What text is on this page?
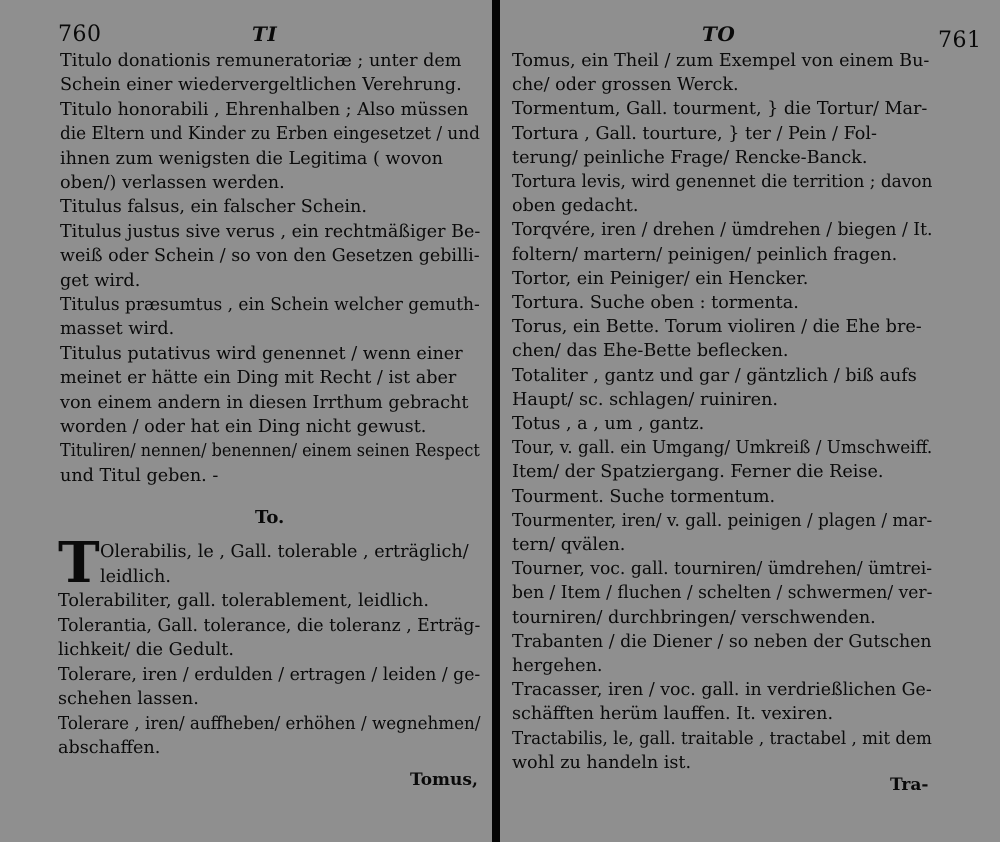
760	TI
Titulo donationis remuneratoriæ ; unter dem
Schein einer wiedervergeltlichen Verehrung.
Titulo honorabili , Ehrenhalben ; Also müssen
die Eltern und Kinder zu Erben eingesetzet / und
ihnen zum wenigsten die Legitima ( wovon
oben/) verlassen werden.
Titulus falsus, ein falscher Schein.
Titulus justus sive verus , ein rechtmäßiger Be-
weiß oder Schein / so von den Gesetzen gebilli-
get wird.
Titulus præsumtus , ein Schein welcher gemuth-
masset wird.
Titulus putativus wird genennet / wenn einer
meinet er hätte ein Ding mit Recht / ist aber
von einem andern in diesen Irrthum gebracht
worden / oder hat ein Ding nicht gewust.
Tituliren/ nennen/ benennen/ einem seinen Respect
und Titul geben. -
To.
T Olerabilis, le , Gall. tolerable , erträglich/
leidlich.
Tolerabiliter, gall. tolerablement, leidlich.
Tolerantia, Gall. tolerance, die toleranz , Erträg-
lichkeit/ die Gedult.
Tolerare, iren / erdulden / ertragen / leiden / ge-
schehen lassen.
Tolerare , iren/ auffheben/ erhöhen / wegnehmen/
abschaffen.
Tomus,
TO	761
Tomus, ein Theil / zum Exempel von einem Bu-
che/ oder grossen Werck.
Tormentum, Gall. tourment, } die Tortur/ Mar-
Tortura , Gall. tourture, } ter / Pein / Fol-
terung/ peinliche Frage/ Rencke-Banck.
Tortura levis, wird genennet die territion ; davon
oben gedacht.
Torqvére, iren / drehen / ümdrehen / biegen / It.
foltern/ martern/ peinigen/ peinlich fragen.
Tortor, ein Peiniger/ ein Hencker.
Tortura. Suche oben : tormenta.
Torus, ein Bette. Torum violiren / die Ehe bre-
chen/ das Ehe-Bette beflecken.
Totaliter , gantz und gar / gäntzlich / biß aufs
Haupt/ sc. schlagen/ ruiniren.
Totus , a , um , gantz.
Tour, v. gall. ein Umgang/ Umkreiß / Umschweiff.
Item/ der Spatziergang. Ferner die Reise.
Tourment. Suche tormentum.
Tourmenter, iren/ v. gall. peinigen / plagen / mar-
tern/ qvälen.
Tourner, voc. gall. tourniren/ ümdrehen/ ümtrei-
ben / Item / fluchen / schelten / schwermen/ ver-
tourniren/ durchbringen/ verschwenden.
Trabanten / die Diener / so neben der Gutschen
hergehen.
Tracasser, iren / voc. gall. in verdrießlichen Ge-
schäfften herüm lauffen. It. vexiren.
Tractabilis, le, gall. traitable , tractabel , mit dem
wohl zu handeln ist.
Tra-
